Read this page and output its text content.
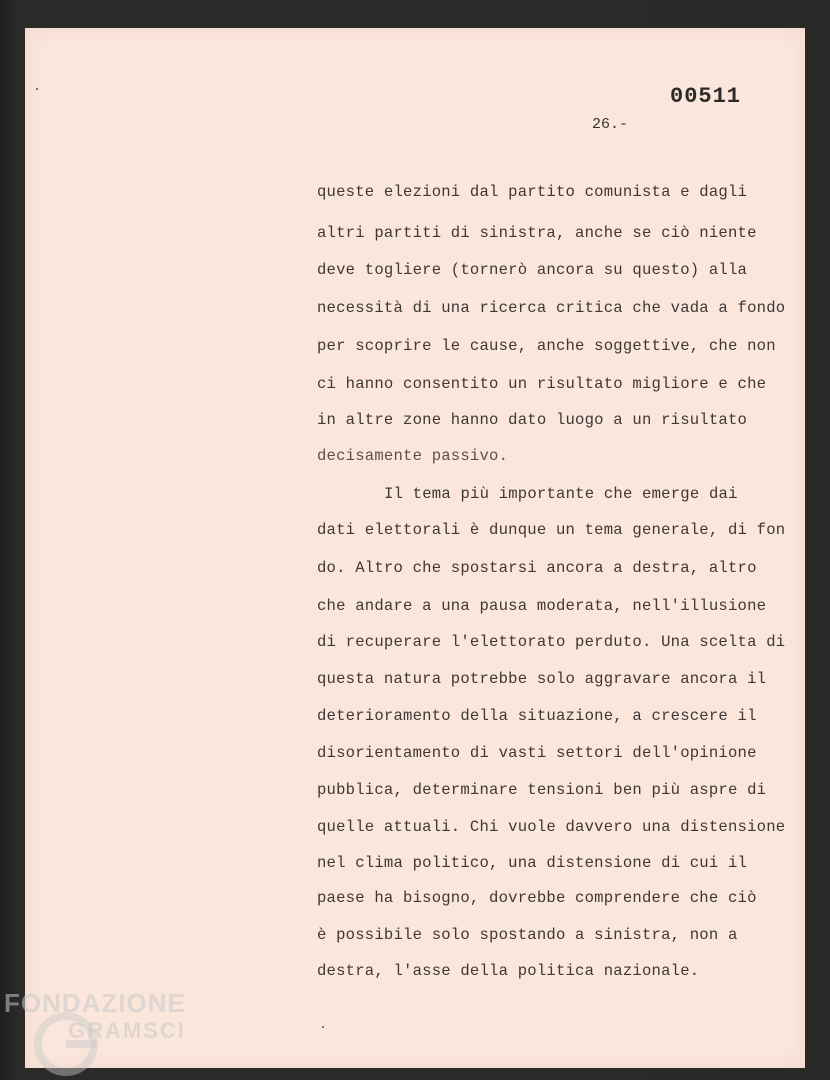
00511

26.-

queste elezioni dal partito comunista e dagli

altri partiti di sinistra, anche se ciò niente

deve togliere (tornerò ancora su questo) alla

necessità di una ricerca critica che vada a fondo

per scoprire le cause, anche soggettive, che non

ci hanno consentito un risultato migliore e che

in altre zone hanno dato luogo a un risultato

decisamente passivo.

Il tema più importante che emerge dai

dati elettorali è dunque un tema generale, di fon

do. Altro che spostarsi ancora a destra, altro

che andare a una pausa moderata, nell'illusione

di recuperare l'elettorato perduto. Una scelta di

questa natura potrebbe solo aggravare ancora il

deterioramento della situazione, a crescere il

disorientamento di vasti settori dell'opinione

pubblica, determinare tensioni ben più aspre di

quelle attuali. Chi vuole davvero una distensione

nel clima politico, una distensione di cui il

paese ha bisogno, dovrebbe comprendere che ciò

è possibile solo spostando a sinistra, non a

destra, l'asse della politica nazionale.

FONDAZIONE

GRAMSCI
